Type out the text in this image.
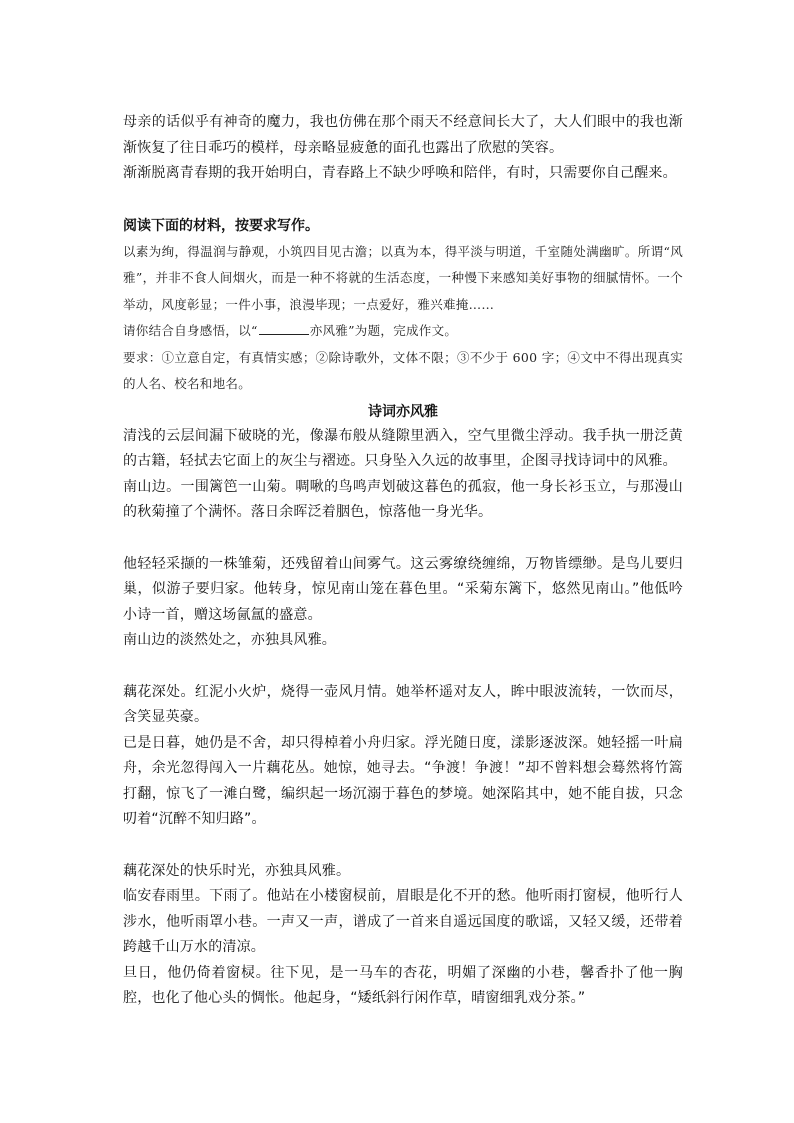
母亲的话似乎有神奇的魔力，我也仿佛在那个雨天不经意间长大了，大人们眼中的我也渐渐恢复了往日乖巧的模样，母亲略显疲惫的面孔也露出了欣慰的笑容。

渐渐脱离青春期的我开始明白，青春路上不缺少呼唤和陪伴，有时，只需要你自己醒来。

阅读下面的材料，按要求写作。

以素为绚，得温润与静观，小筑四目见古澹；以真为本，得平淡与明道，千室随处满幽旷。所谓“风雅”，并非不食人间烟火，而是一种不将就的生活态度，一种慢下来感知美好事物的细腻情怀。一个举动，风度彰显；一件小事，浪漫毕现；一点爱好，雅兴难掩……

请你结合自身感悟，以“	亦风雅”为题，完成作文。

要求：①立意自定，有真情实感；②除诗歌外，文体不限；③不少于 600 字；④文中不得出现真实的人名、校名和地名。

诗词亦风雅

清浅的云层间漏下破晓的光，像瀑布般从缝隙里洒入，空气里微尘浮动。我手执一册泛黄的古籍，轻拭去它面上的灰尘与褶迹。只身坠入久远的故事里，企图寻找诗词中的风雅。

南山边。一围篱笆一山菊。啁啾的鸟鸣声划破这暮色的孤寂，他一身长衫玉立，与那漫山的秋菊撞了个满怀。落日余晖泛着胭色，惊落他一身光华。

他轻轻采撷的一株雏菊，还残留着山间雾气。这云雾缭绕缠绵，万物皆缥缈。是鸟儿要归巢，似游子要归家。他转身，惊见南山笼在暮色里。“采菊东篱下，悠然见南山。”他低吟小诗一首，赠这场氤氲的盛意。

南山边的淡然处之，亦独具风雅。

藕花深处。红泥小火炉，烧得一壶风月情。她举杯遥对友人，眸中眼波流转，一饮而尽，含笑显英豪。

已是日暮，她仍是不舍，却只得棹着小舟归家。浮光随日度，漾影逐波深。她轻摇一叶扁舟，余光忽得闯入一片藕花丛。她惊，她寻去。“争渡！争渡！”却不曾料想会蓦然将竹篙打翻，惊飞了一滩白鹭，编织起一场沉溺于暮色的梦境。她深陷其中，她不能自拔，只念叨着“沉醉不知归路”。

藕花深处的快乐时光，亦独具风雅。

临安春雨里。下雨了。他站在小楼窗棂前，眉眼是化不开的愁。他听雨打窗棂，他听行人涉水，他听雨罩小巷。一声又一声，谱成了一首来自遥远国度的歌谣，又轻又缓，还带着跨越千山万水的清凉。

旦日，他仍倚着窗棂。往下见，是一马车的杏花，明媚了深幽的小巷，馨香扑了他一胸腔，也化了他心头的惆怅。他起身，“矮纸斜行闲作草，晴窗细乳戏分茶。”
